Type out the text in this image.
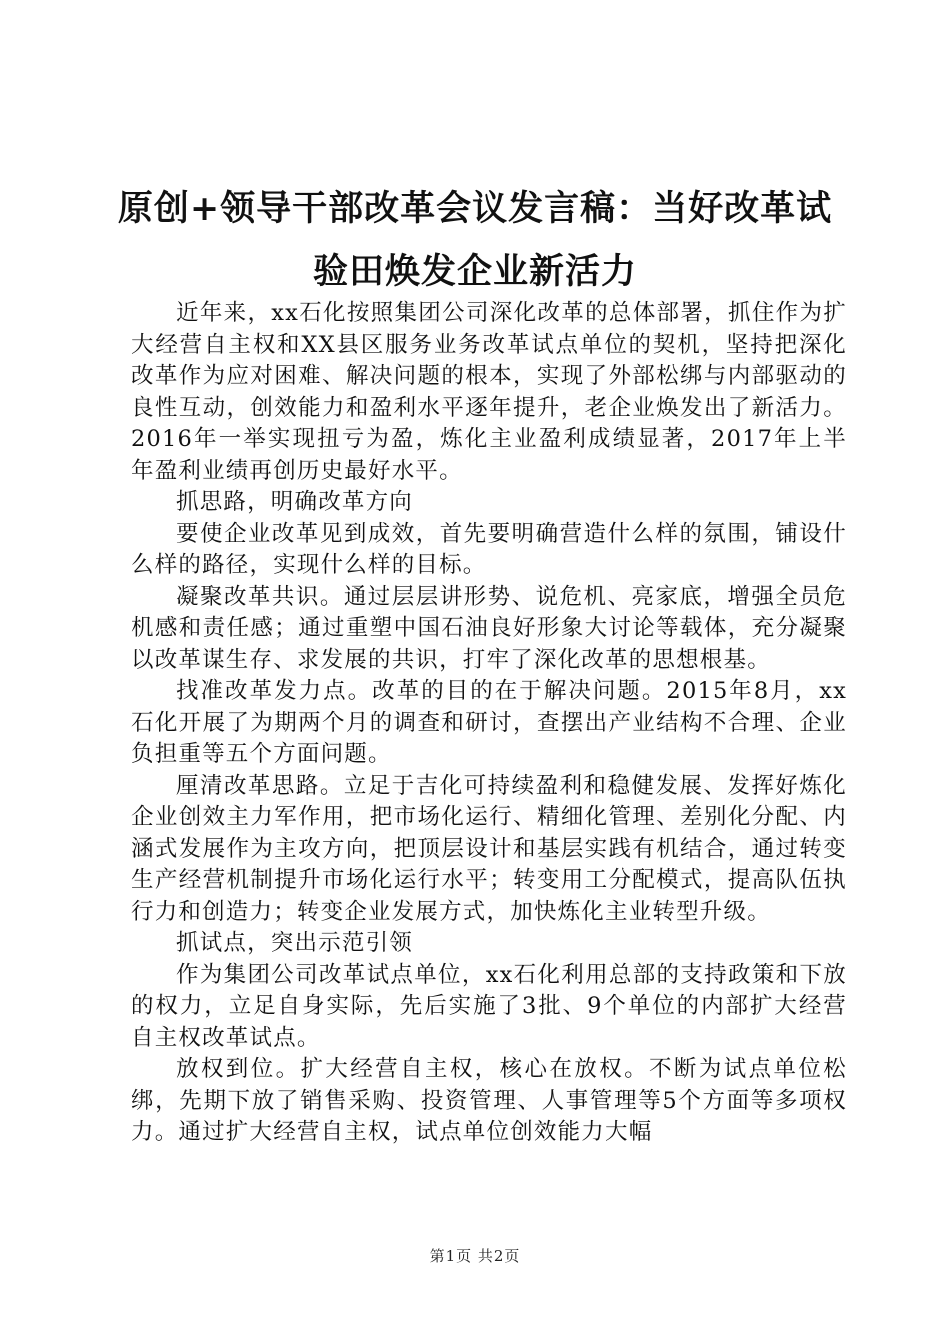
原创+领导干部改革会议发言稿：当好改革试
验田焕发企业新活力

近年来，xx石化按照集团公司深化改革的总体部署，抓住作为扩大经营自主权和XX县区服务业务改革试点单位的契机，坚持把深化改革作为应对困难、解决问题的根本，实现了外部松绑与内部驱动的良性互动，创效能力和盈利水平逐年提升，老企业焕发出了新活力。2016年一举实现扭亏为盈，炼化主业盈利成绩显著，2017年上半年盈利业绩再创历史最好水平。

抓思路，明确改革方向

要使企业改革见到成效，首先要明确营造什么样的氛围，铺设什么样的路径，实现什么样的目标。

凝聚改革共识。通过层层讲形势、说危机、亮家底，增强全员危机感和责任感；通过重塑中国石油良好形象大讨论等载体，充分凝聚以改革谋生存、求发展的共识，打牢了深化改革的思想根基。

找准改革发力点。改革的目的在于解决问题。2015年8月，xx石化开展了为期两个月的调查和研讨，查摆出产业结构不合理、企业负担重等五个方面问题。

厘清改革思路。立足于吉化可持续盈利和稳健发展、发挥好炼化企业创效主力军作用，把市场化运行、精细化管理、差别化分配、内涵式发展作为主攻方向，把顶层设计和基层实践有机结合，通过转变生产经营机制提升市场化运行水平；转变用工分配模式，提高队伍执行力和创造力；转变企业发展方式，加快炼化主业转型升级。

抓试点，突出示范引领

作为集团公司改革试点单位，xx石化利用总部的支持政策和下放的权力，立足自身实际，先后实施了3批、9个单位的内部扩大经营自主权改革试点。

放权到位。扩大经营自主权，核心在放权。不断为试点单位松绑，先期下放了销售采购、投资管理、人事管理等5个方面等多项权力。通过扩大经营自主权，试点单位创效能力大幅

第1页 共2页
